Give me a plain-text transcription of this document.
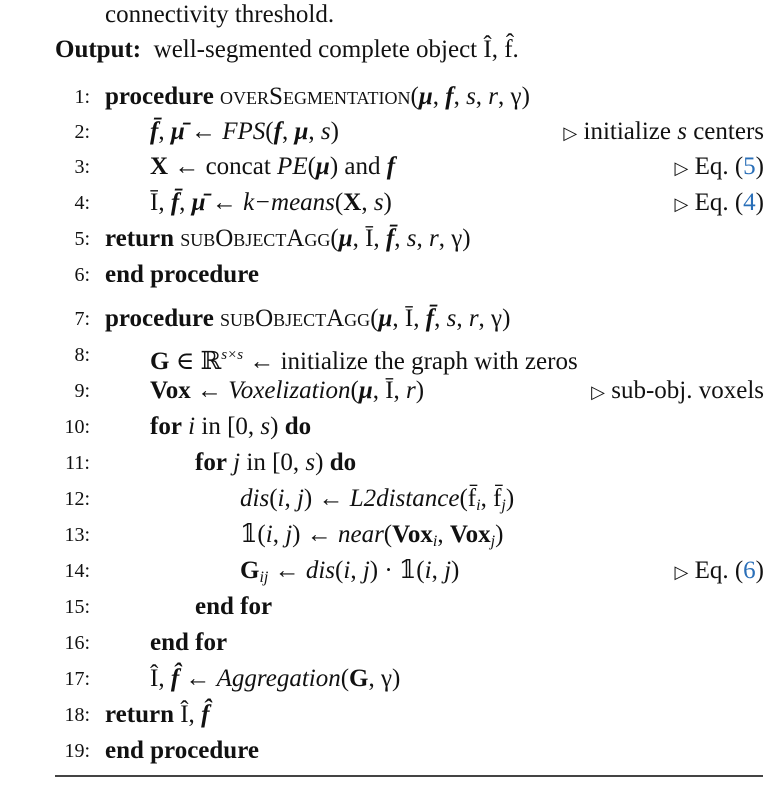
connectivity threshold.
Output: well-segmented complete object Î, f̂.
1: procedure overSegmentation(μ, f, s, r, γ)
2: f̄, μ̄ ← FPS(f, μ, s)	▷ initialize s centers
3: X ← concat PE(μ) and f	▷ Eq. (5)
4: Ī, f̄, μ̄ ← k−means(X, s)	▷ Eq. (4)
5: return subObjectAgg(μ, Ī, f̄, s, r, γ)
6: end procedure
7: procedure subObjectAgg(μ, Ī, f̄, s, r, γ)
8: G ∈ ℝ$^{s\times s}$ ← initialize the graph with zeros
9: Vox ← Voxelization(μ, Ī, r)	▷ sub-obj. voxels
10: for i in [0, s) do
11:	for j in [0, s) do
12:	dis(i, j) ← $L2distance(f̄_i$, $f̄_j$)
13:	𝟙(i, j) ← near(Vox$_i$, Vox$_j$)
14:	$G_{ij}$ ← dis(i, j) · 𝟙(i, j)	▷ Eq. (6)
15:	end for
16: end for
17: Î, f̂ ← Aggregation(G, γ)
18: return Î, f̂
19: end procedure
